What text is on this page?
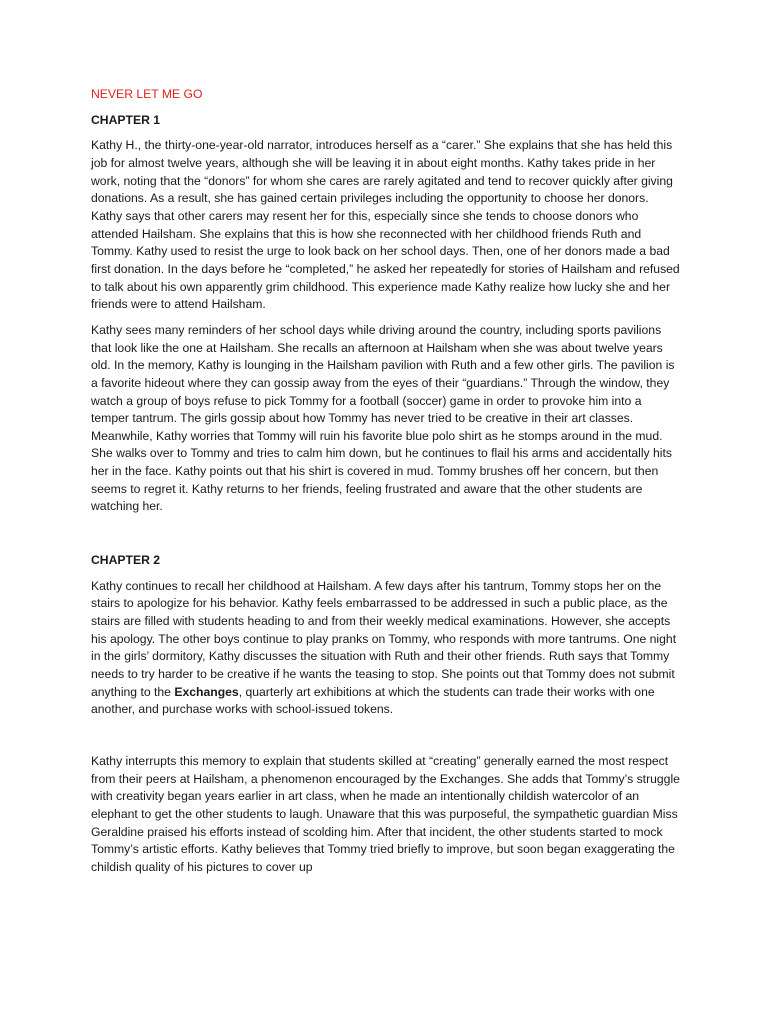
NEVER LET ME GO
CHAPTER 1

Kathy H., the thirty-one-year-old narrator, introduces herself as a “carer.” She explains that she has held this job for almost twelve years, although she will be leaving it in about eight months. Kathy takes pride in her work, noting that the “donors” for whom she cares are rarely agitated and tend to recover quickly after giving donations. As a result, she has gained certain privileges including the opportunity to choose her donors. Kathy says that other carers may resent her for this, especially since she tends to choose donors who attended Hailsham. She explains that this is how she reconnected with her childhood friends Ruth and Tommy. Kathy used to resist the urge to look back on her school days. Then, one of her donors made a bad first donation. In the days before he “completed,” he asked her repeatedly for stories of Hailsham and refused to talk about his own apparently grim childhood. This experience made Kathy realize how lucky she and her friends were to attend Hailsham.

Kathy sees many reminders of her school days while driving around the country, including sports pavilions that look like the one at Hailsham. She recalls an afternoon at Hailsham when she was about twelve years old. In the memory, Kathy is lounging in the Hailsham pavilion with Ruth and a few other girls. The pavilion is a favorite hideout where they can gossip away from the eyes of their “guardians.” Through the window, they watch a group of boys refuse to pick Tommy for a football (soccer) game in order to provoke him into a temper tantrum. The girls gossip about how Tommy has never tried to be creative in their art classes. Meanwhile, Kathy worries that Tommy will ruin his favorite blue polo shirt as he stomps around in the mud. She walks over to Tommy and tries to calm him down, but he continues to flail his arms and accidentally hits her in the face. Kathy points out that his shirt is covered in mud. Tommy brushes off her concern, but then seems to regret it. Kathy returns to her friends, feeling frustrated and aware that the other students are watching her.

CHAPTER 2

Kathy continues to recall her childhood at Hailsham. A few days after his tantrum, Tommy stops her on the stairs to apologize for his behavior. Kathy feels embarrassed to be addressed in such a public place, as the stairs are filled with students heading to and from their weekly medical examinations. However, she accepts his apology. The other boys continue to play pranks on Tommy, who responds with more tantrums. One night in the girls’ dormitory, Kathy discusses the situation with Ruth and their other friends. Ruth says that Tommy needs to try harder to be creative if he wants the teasing to stop. She points out that Tommy does not submit anything to the Exchanges, quarterly art exhibitions at which the students can trade their works with one another, and purchase works with school-issued tokens.

Kathy interrupts this memory to explain that students skilled at “creating” generally earned the most respect from their peers at Hailsham, a phenomenon encouraged by the Exchanges. She adds that Tommy’s struggle with creativity began years earlier in art class, when he made an intentionally childish watercolor of an elephant to get the other students to laugh. Unaware that this was purposeful, the sympathetic guardian Miss Geraldine praised his efforts instead of scolding him. After that incident, the other students started to mock Tommy’s artistic efforts. Kathy believes that Tommy tried briefly to improve, but soon began exaggerating the childish quality of his pictures to cover up
